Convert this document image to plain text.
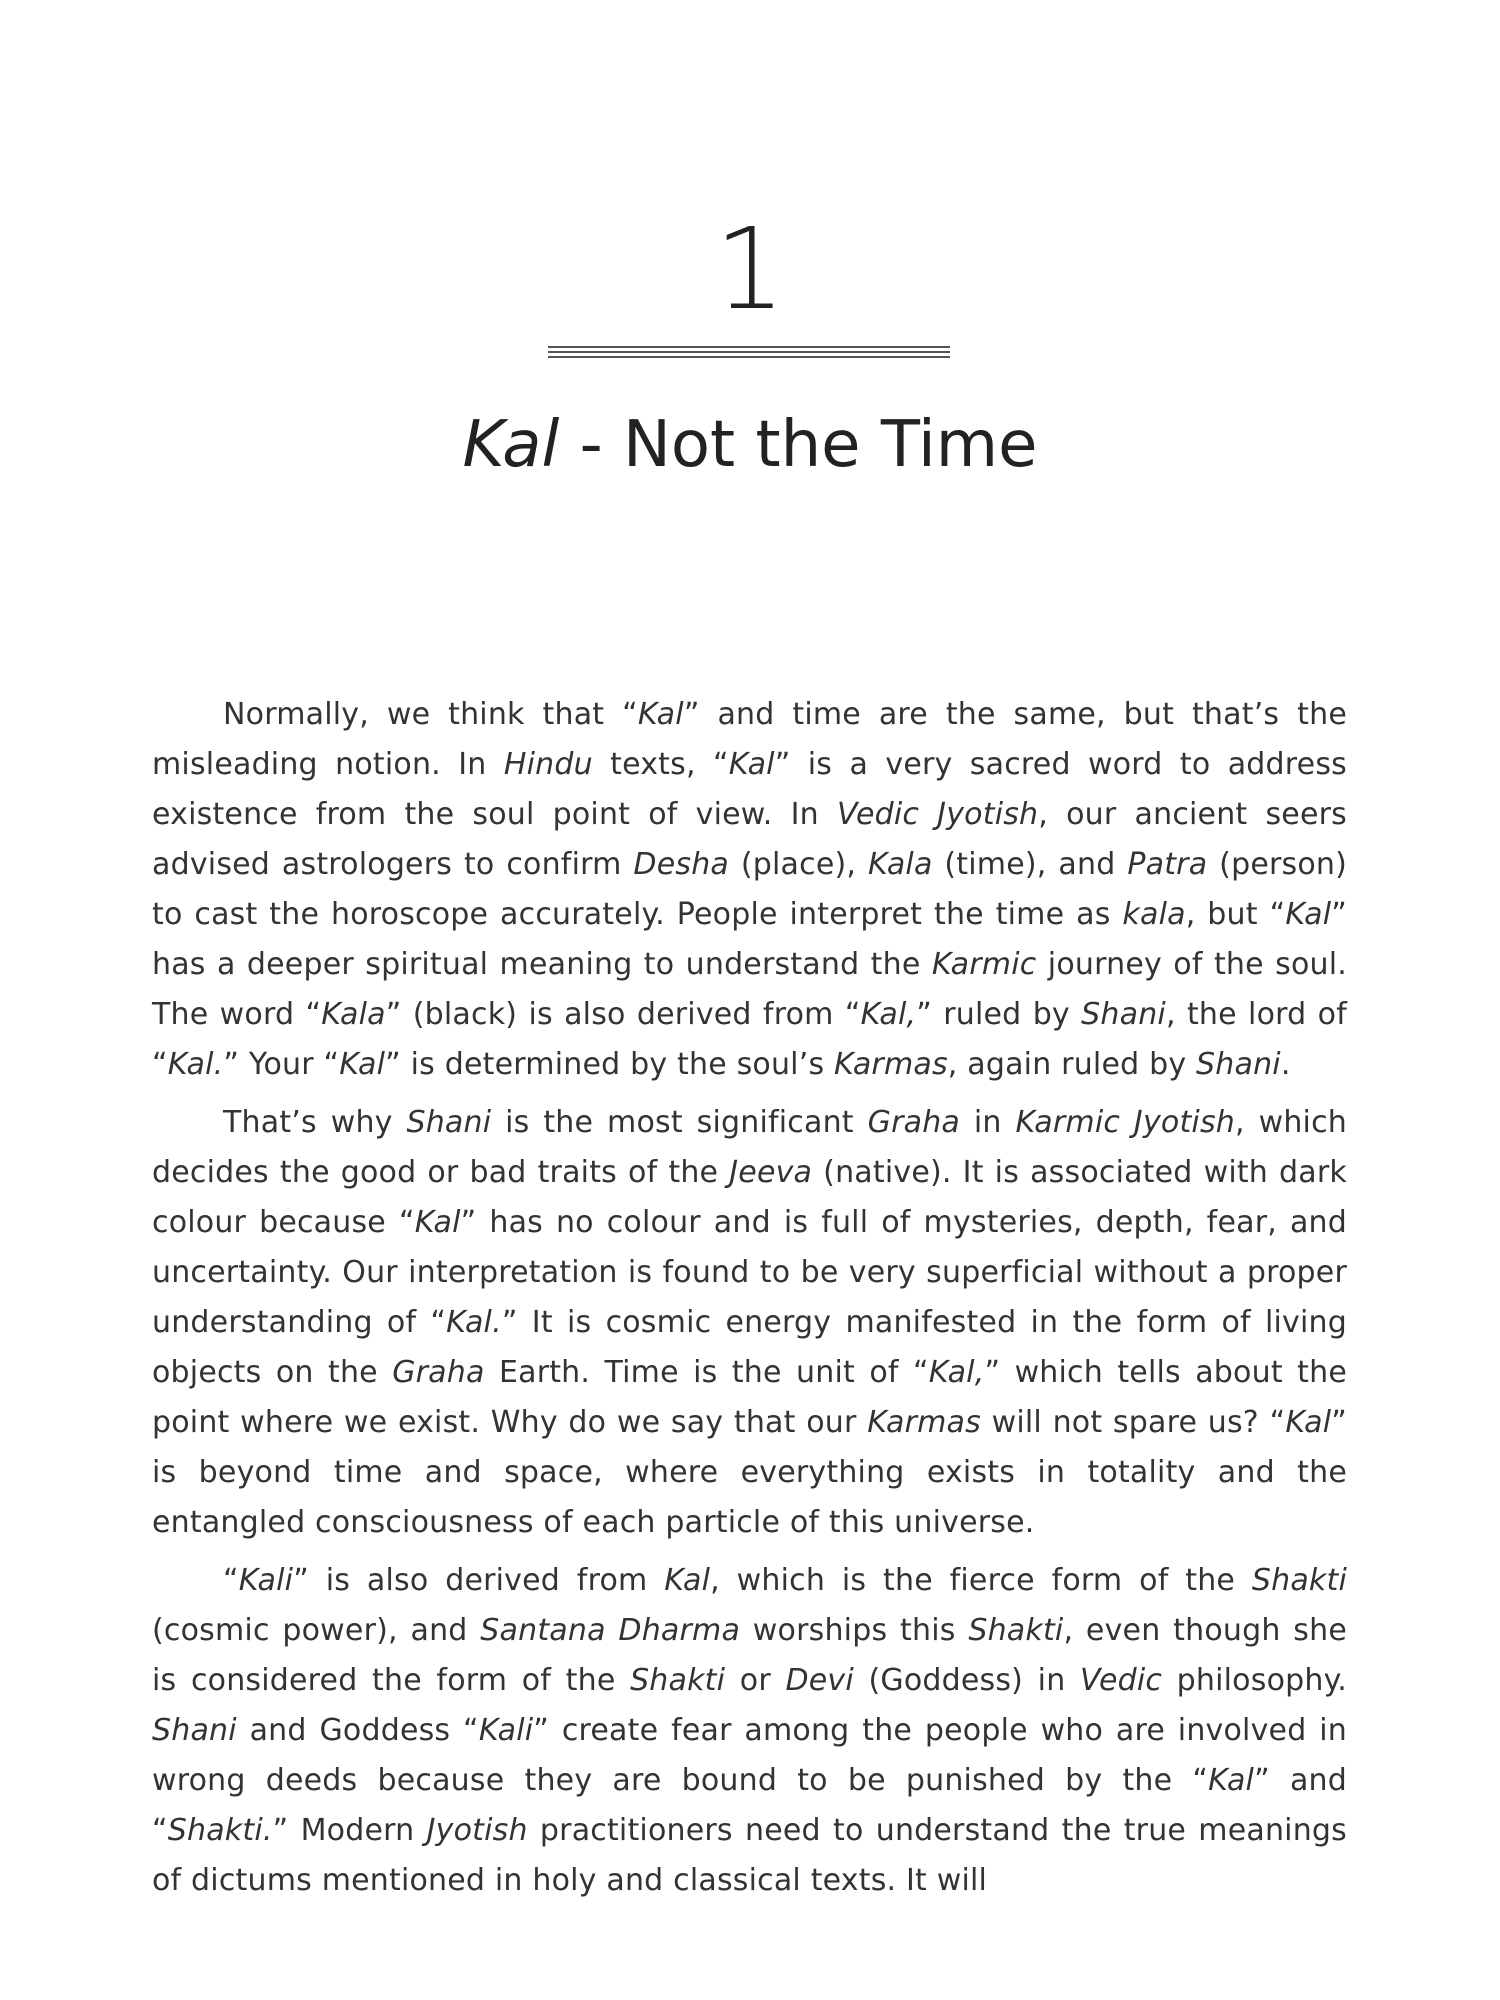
1
Kal - Not the Time

Normally, we think that “Kal” and time are the same, but that’s the misleading notion. In Hindu texts, “Kal” is a very sacred word to address existence from the soul point of view. In Vedic Jyotish, our ancient seers advised astrologers to confirm Desha (place), Kala (time), and Patra (person) to cast the horoscope accurately. People interpret the time as kala, but “Kal” has a deeper spiritual meaning to understand the Karmic journey of the soul. The word “Kala” (black) is also derived from “Kal,” ruled by Shani, the lord of “Kal.” Your “Kal” is determined by the soul’s Karmas, again ruled by Shani.

That’s why Shani is the most significant Graha in Karmic Jyotish, which decides the good or bad traits of the Jeeva (native). It is associated with dark colour because “Kal” has no colour and is full of mysteries, depth, fear, and uncertainty. Our interpretation is found to be very superficial without a proper understanding of “Kal.” It is cosmic energy manifested in the form of living objects on the Graha Earth. Time is the unit of “Kal,” which tells about the point where we exist. Why do we say that our Karmas will not spare us? “Kal” is beyond time and space, where everything exists in totality and the entangled consciousness of each particle of this universe.

“Kali” is also derived from Kal, which is the fierce form of the Shakti (cosmic power), and Santana Dharma worships this Shakti, even though she is considered the form of the Shakti or Devi (Goddess) in Vedic philosophy. Shani and Goddess “Kali” create fear among the people who are involved in wrong deeds because they are bound to be punished by the “Kal” and “Shakti.” Modern Jyotish practitioners need to understand the true meanings of dictums mentioned in holy and classical texts. It will
